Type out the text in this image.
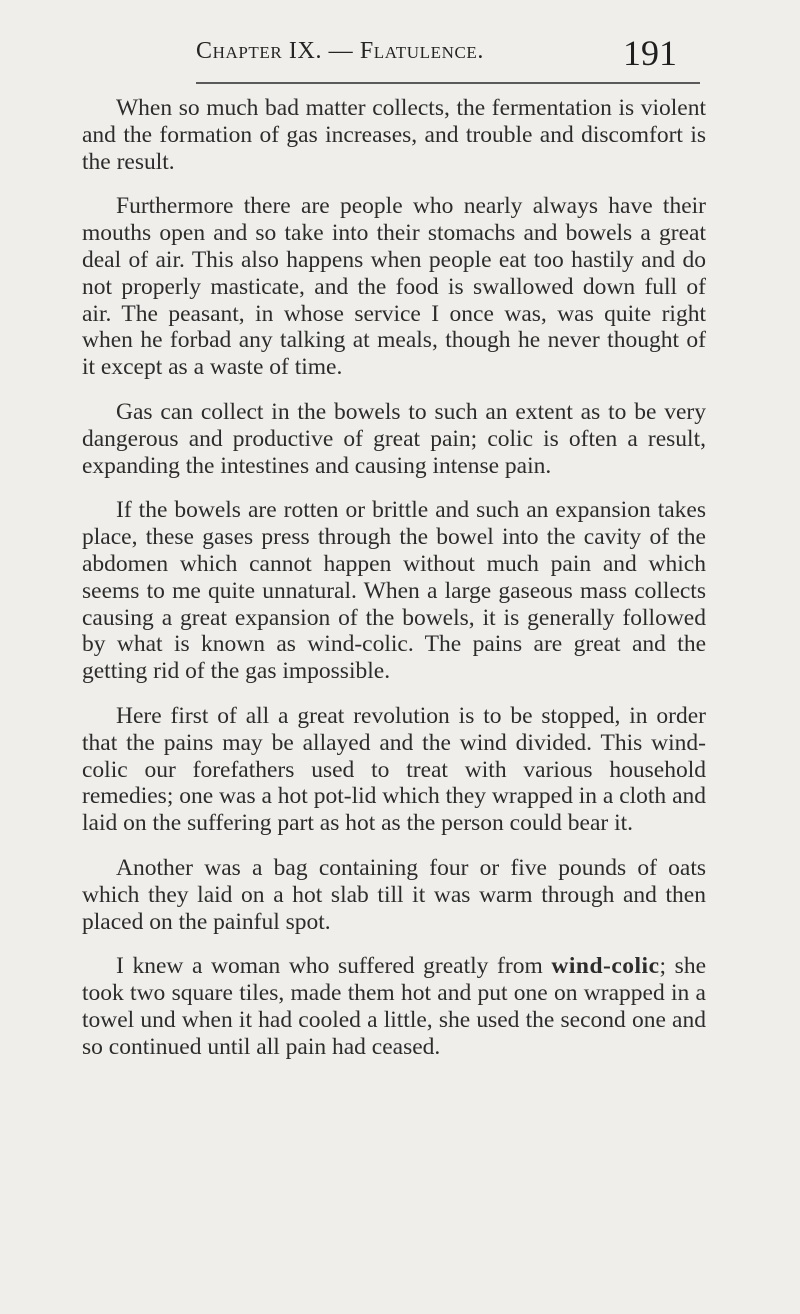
Chapter IX. — Flatulence.	191

When so much bad matter collects, the fermentation is violent and the formation of gas increases, and trouble and discomfort is the result.

Furthermore there are people who nearly always have their mouths open and so take into their stomachs and bowels a great deal of air. This also happens when people eat too hastily and do not properly masticate, and the food is swallowed down full of air. The peasant, in whose service I once was, was quite right when he forbad any talking at meals, though he never thought of it except as a waste of time.

Gas can collect in the bowels to such an extent as to be very dangerous and productive of great pain; colic is often a result, expanding the intestines and causing intense pain.

If the bowels are rotten or brittle and such an expansion takes place, these gases press through the bowel into the cavity of the abdomen which cannot happen without much pain and which seems to me quite unnatural. When a large gaseous mass collects causing a great expansion of the bowels, it is generally followed by what is known as wind-colic. The pains are great and the getting rid of the gas impossible.

Here first of all a great revolution is to be stopped, in order that the pains may be allayed and the wind divided. This wind-colic our forefathers used to treat with various household remedies; one was a hot pot-lid which they wrapped in a cloth and laid on the suffering part as hot as the person could bear it.

Another was a bag containing four or five pounds of oats which they laid on a hot slab till it was warm through and then placed on the painful spot.

I knew a woman who suffered greatly from wind-colic; she took two square tiles, made them hot and put one on wrapped in a towel und when it had cooled a little, she used the second one and so continued until all pain had ceased.
